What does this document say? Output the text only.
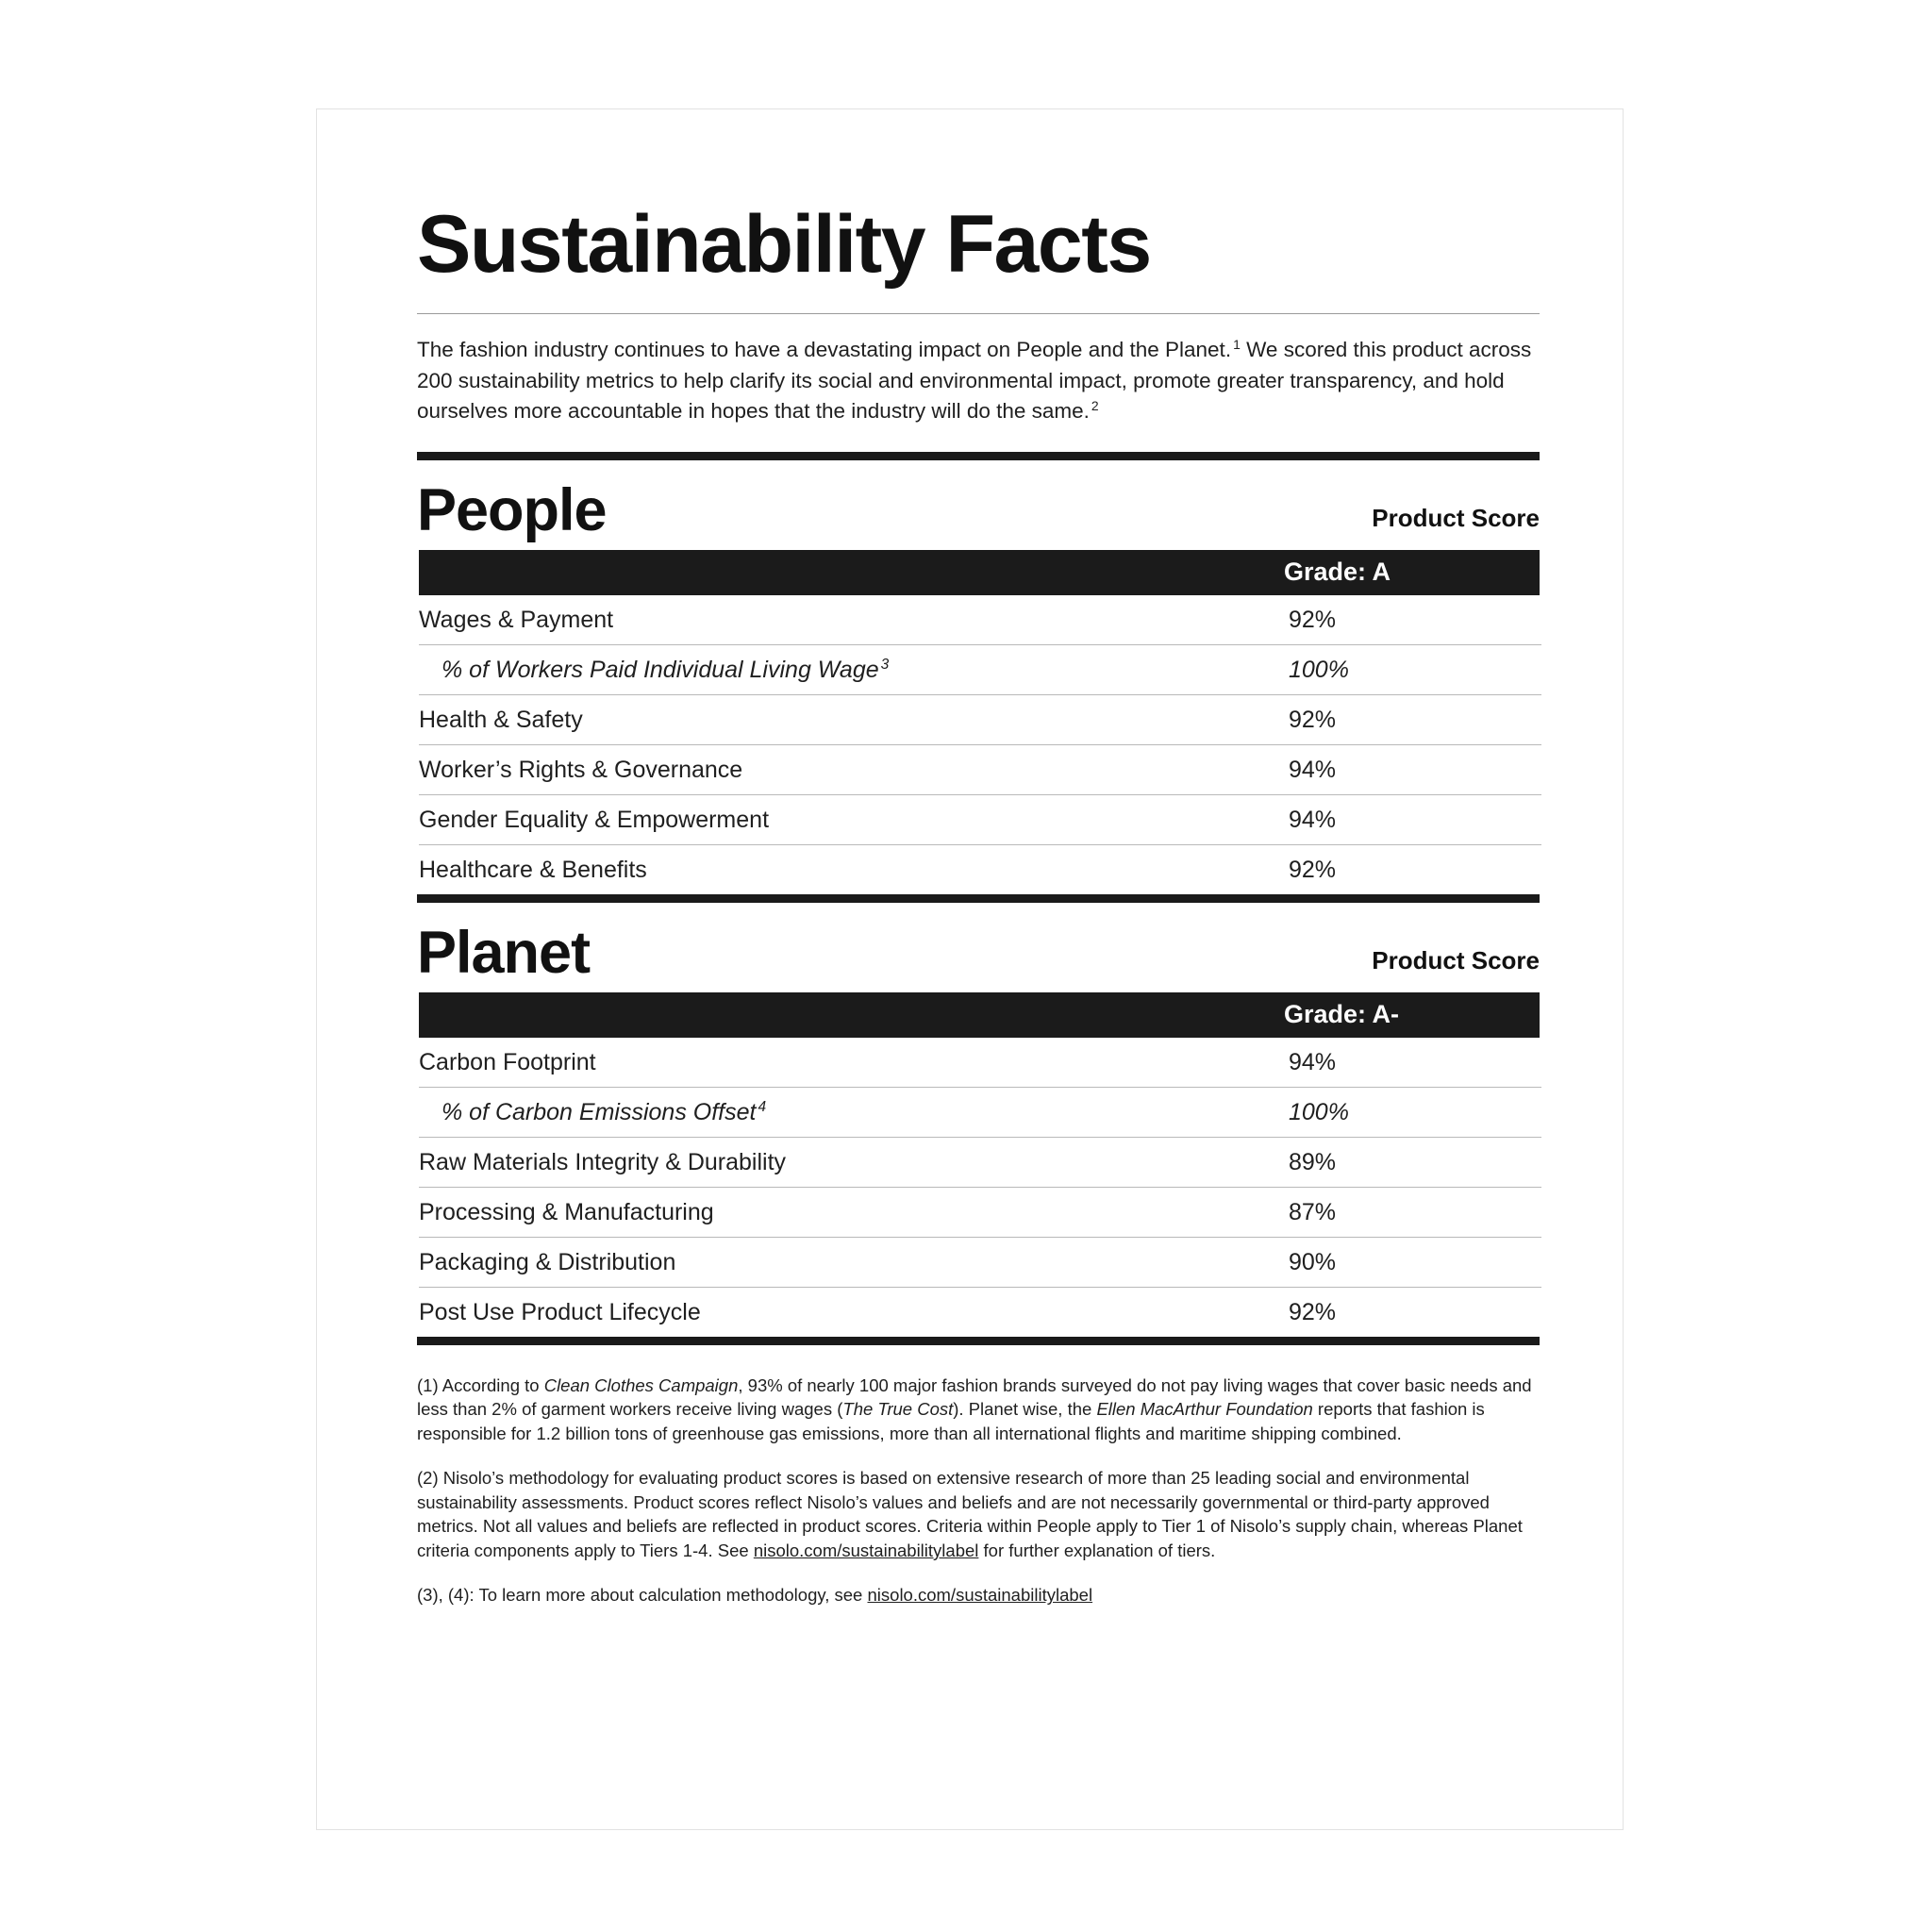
Sustainability Facts

The fashion industry continues to have a devastating impact on People and the Planet. $^1$ We scored this product across 200 sustainability metrics to help clarify its social and environmental impact, promote greater transparency, and hold ourselves more accountable in hopes that the industry will do the same. $^2$

People	Product Score
Grade: A
Wages & Payment	92%
% of Workers Paid Individual Living Wage $^3$	100%
Health & Safety	92%
Worker’s Rights & Governance	94%
Gender Equality & Empowerment	94%
Healthcare & Benefits	92%
Planet	Product Score
Grade: A-
Carbon Footprint	94%
% of Carbon Emissions Offset $^4$	100%
Raw Materials Integrity & Durability	89%
Processing & Manufacturing	87%
Packaging & Distribution	90%
Post Use Product Lifecycle	92%

(1) According to Clean Clothes Campaign, 93% of nearly 100 major fashion brands surveyed do not pay living wages that cover basic needs and less than 2% of garment workers receive living wages (The True Cost). Planet wise, the Ellen MacArthur Foundation reports that fashion is responsible for 1.2 billion tons of greenhouse gas emissions, more than all international flights and maritime shipping combined.

(2) Nisolo’s methodology for evaluating product scores is based on extensive research of more than 25 leading social and environmental sustainability assessments. Product scores reflect Nisolo’s values and beliefs and are not necessarily governmental or third-party approved metrics. Not all values and beliefs are reflected in product scores. Criteria within People apply to Tier 1 of Nisolo’s supply chain, whereas Planet criteria components apply to Tiers 1-4. See nisolo.com/sustainabilitylabel for further explanation of tiers.

(3), (4): To learn more about calculation methodology, see nisolo.com/sustainabilitylabel
